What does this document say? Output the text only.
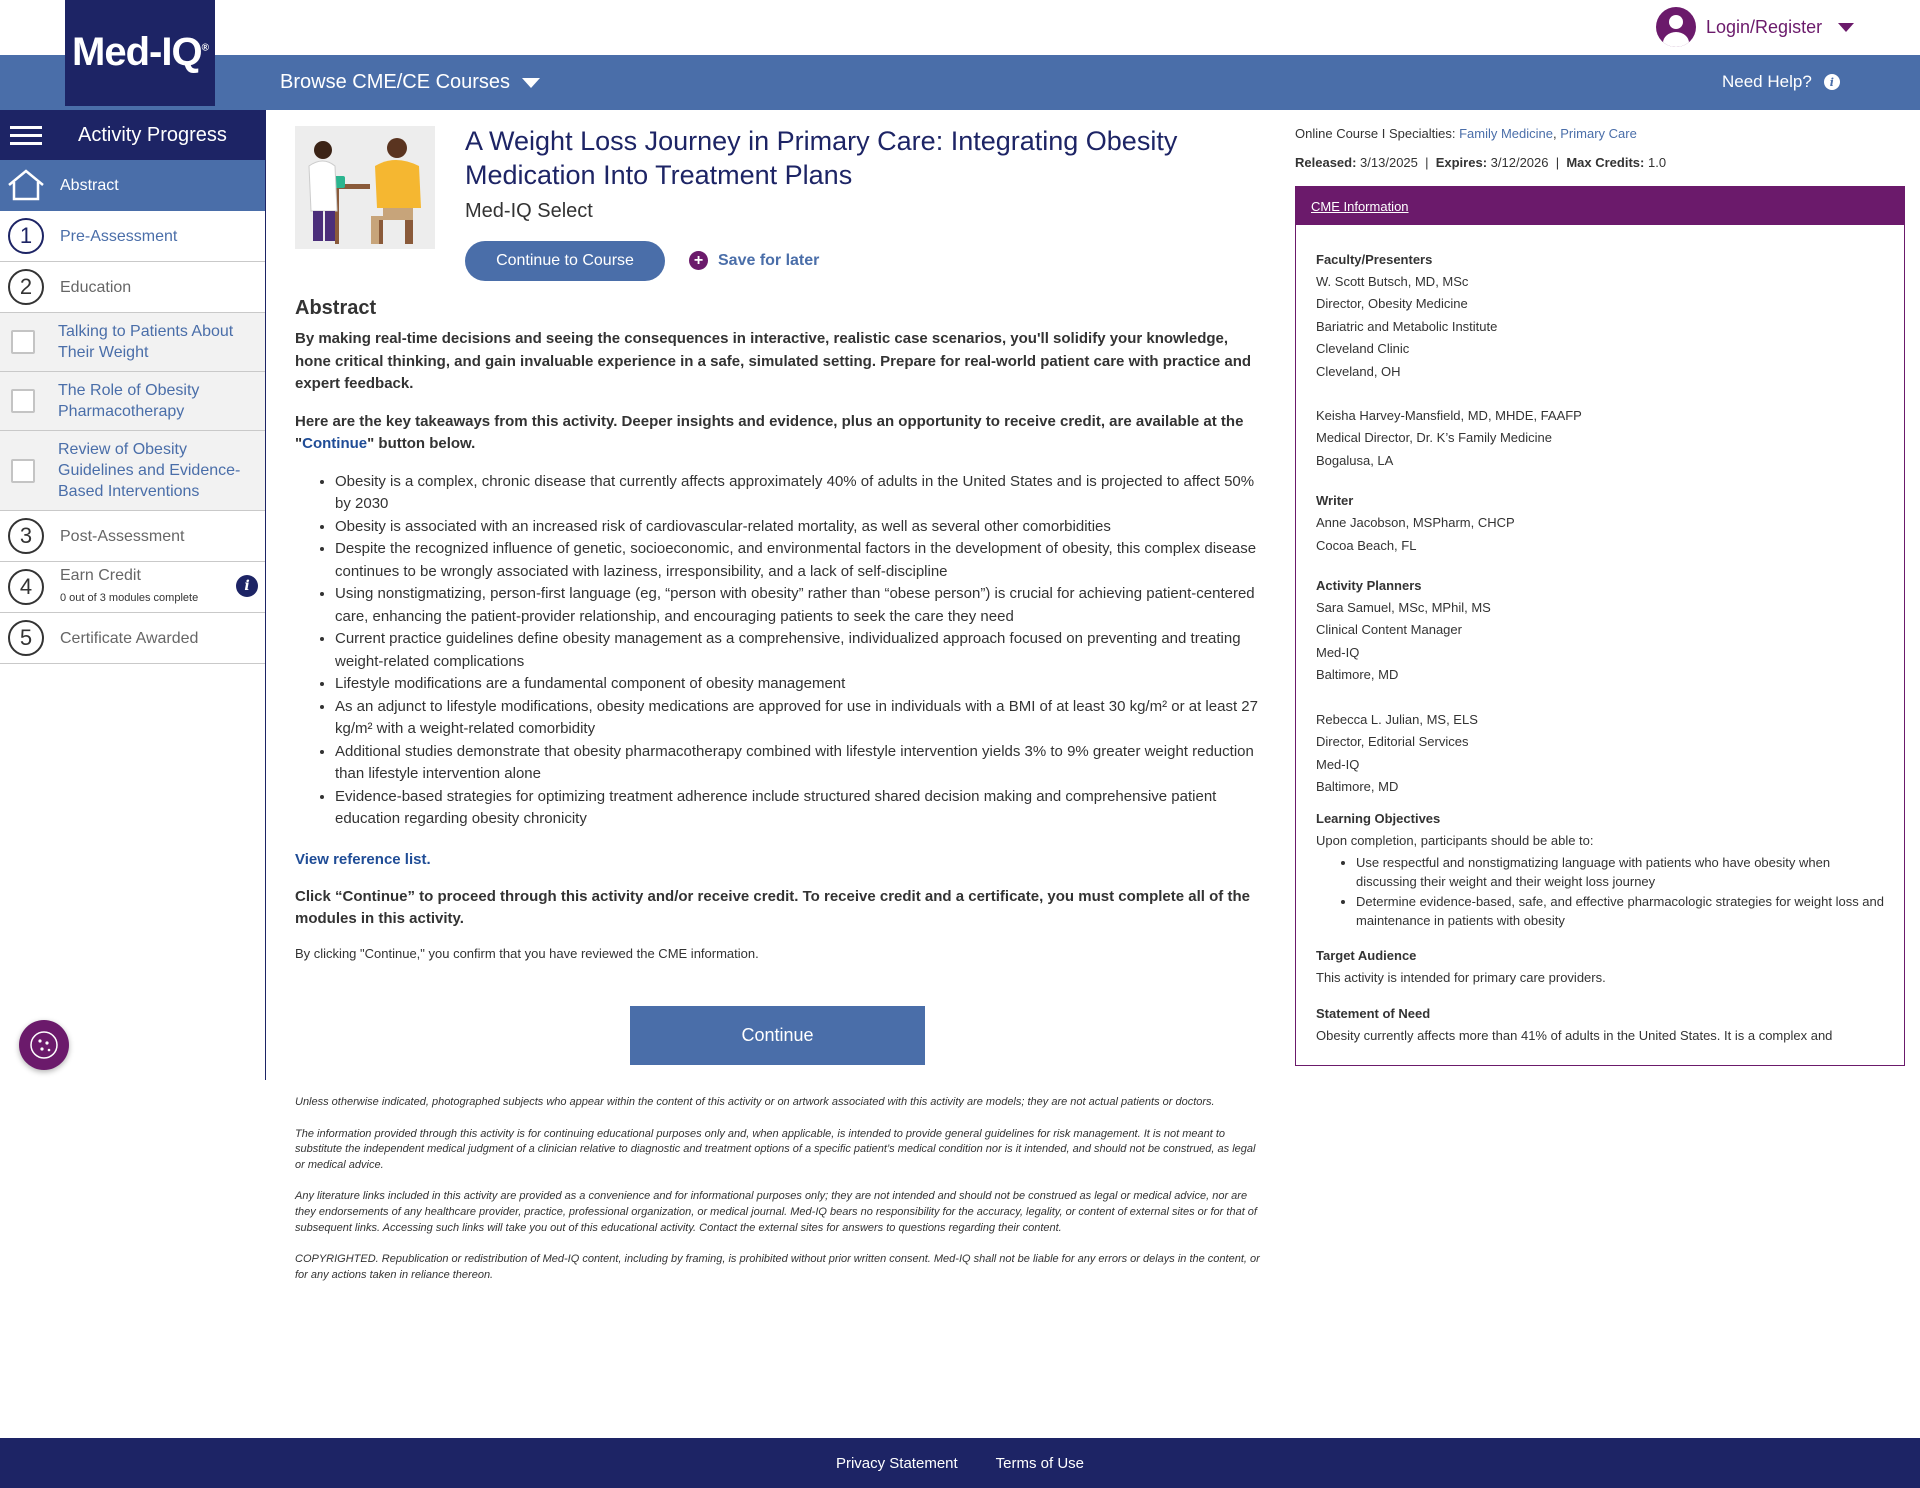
Med-IQ®
Browse CME/CE Courses	Need Help?	i
Login/Register
Activity Progress
Abstract
1	Pre-Assessment
2	Education
Talking to Patients About Their Weight
The Role of Obesity Pharmacotherapy
Review of Obesity Guidelines and Evidence-Based Interventions
3	Post-Assessment
4	Earn Credit
0 out of 3 modules complete
i
5	Certificate Awarded
A Weight Loss Journey in Primary Care: Integrating Obesity Medication Into Treatment Plans
Med-IQ Select
Continue to Course	+ Save for later
Abstract

By making real-time decisions and seeing the consequences in interactive, realistic case scenarios, you'll solidify your knowledge, hone critical thinking, and gain invaluable experience in a safe, simulated setting. Prepare for real-world patient care with practice and expert feedback.

Here are the key takeaways from this activity. Deeper insights and evidence, plus an opportunity to receive credit, are available at the "Continue" button below.

• Obesity is a complex, chronic disease that currently affects approximately 40% of adults in the United States and is projected to affect 50% by 2030
• Obesity is associated with an increased risk of cardiovascular-related mortality, as well as several other comorbidities
• Despite the recognized influence of genetic, socioeconomic, and environmental factors in the development of obesity, this complex disease continues to be wrongly associated with laziness, irresponsibility, and a lack of self-discipline
• Using nonstigmatizing, person-first language (eg, “person with obesity” rather than “obese person”) is crucial for achieving patient-centered care, enhancing the patient-provider relationship, and encouraging patients to seek the care they need
• Current practice guidelines define obesity management as a comprehensive, individualized approach focused on preventing and treating weight-related complications
• Lifestyle modifications are a fundamental component of obesity management
• As an adjunct to lifestyle modifications, obesity medications are approved for use in individuals with a BMI of at least 30 kg/m² or at least 27 kg/m² with a weight-related comorbidity
• Additional studies demonstrate that obesity pharmacotherapy combined with lifestyle intervention yields 3% to 9% greater weight reduction than lifestyle intervention alone
• Evidence-based strategies for optimizing treatment adherence include structured shared decision making and comprehensive patient education regarding obesity chronicity
View reference list.

Click “Continue” to proceed through this activity and/or receive credit. To receive credit and a certificate, you must complete all of the modules in this activity.

By clicking "Continue," you confirm that you have reviewed the CME information.

Continue

Unless otherwise indicated, photographed subjects who appear within the content of this activity or on artwork associated with this activity are models; they are not actual patients or doctors.

The information provided through this activity is for continuing educational purposes only and, when applicable, is intended to provide general guidelines for risk management. It is not meant to substitute the independent medical judgment of a clinician relative to diagnostic and treatment options of a specific patient’s medical condition nor is it intended, and should not be construed, as legal or medical advice.

Any literature links included in this activity are provided as a convenience and for informational purposes only; they are not intended and should not be construed as legal or medical advice, nor are they endorsements of any healthcare provider, practice, professional organization, or medical journal. Med-IQ bears no responsibility for the accuracy, legality, or content of external sites or for that of subsequent links. Accessing such links will take you out of this educational activity. Contact the external sites for answers to questions regarding their content.

COPYRIGHTED. Republication or redistribution of Med-IQ content, including by framing, is prohibited without prior written consent. Med-IQ shall not be liable for any errors or delays in the content, or for any actions taken in reliance thereon.

Online Course I Specialties: Family Medicine, Primary Care
Released: 3/13/2025  |  Expires: 3/12/2026  |  Max Credits: 1.0
CME Information
Faculty/Presenters
W. Scott Butsch, MD, MSc
Director, Obesity Medicine
Bariatric and Metabolic Institute
Cleveland Clinic
Cleveland, OH
Keisha Harvey-Mansfield, MD, MHDE, FAAFP
Medical Director, Dr. K’s Family Medicine
Bogalusa, LA
Writer
Anne Jacobson, MSPharm, CHCP
Cocoa Beach, FL
Activity Planners
Sara Samuel, MSc, MPhil, MS
Clinical Content Manager
Med-IQ
Baltimore, MD
Rebecca L. Julian, MS, ELS
Director, Editorial Services
Med-IQ
Baltimore, MD
Learning Objectives
Upon completion, participants should be able to:
• Use respectful and nonstigmatizing language with patients who have obesity when discussing their weight and their weight loss journey
• Determine evidence-based, safe, and effective pharmacologic strategies for weight loss and maintenance in patients with obesity
Target Audience
This activity is intended for primary care providers.
Statement of Need
Obesity currently affects more than 41% of adults in the United States. It is a complex and
Privacy Statement	Terms of Use
